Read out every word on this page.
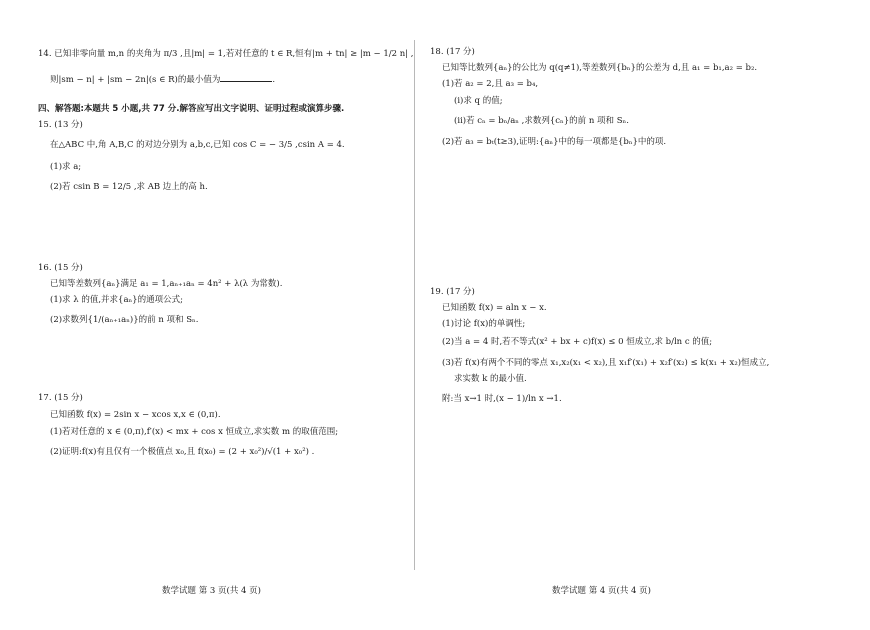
14. 已知非零向量 m,n 的夹角为 π/3 ,且|m| = 1,若对任意的 t ∈ R,恒有|m + tn| ≥ |m − 1/2 n| ,
则|sm − n| + |sm − 2n|(s ∈ R)的最小值为	.
四、解答题:本题共 5 小题,共 77 分.解答应写出文字说明、证明过程或演算步骤.
15. (13 分)
在△ABC 中,角 A,B,C 的对边分别为 a,b,c,已知 cos C = − 3/5 ,csin A = 4.
(1)求 a;
(2)若 csin B = 12/5 ,求 AB 边上的高 h.
16. (15 分)
已知等差数列{aₙ}满足 a₁ = 1,aₙ₊₁aₙ = 4n² + λ(λ 为常数).
(1)求 λ 的值,并求{aₙ}的通项公式;
(2)求数列{1/(aₙ₊₁aₙ)}的前 n 项和 Sₙ.
17. (15 分)
已知函数 f(x) = 2sin x − xcos x,x ∈ (0,π).
(1)若对任意的 x ∈ (0,π),f′(x) < mx + cos x 恒成立,求实数 m 的取值范围;
(2)证明:f(x)有且仅有一个极值点 x₀,且 f(x₀) = (2 + x₀²)/√(1 + x₀²) .
数学试题 第 3 页(共 4 页)
18. (17 分)
已知等比数列{aₙ}的公比为 q(q≠1),等差数列{bₙ}的公差为 d,且 a₁ = b₁,a₂ = b₂.
(1)若 a₂ = 2,且 a₃ = b₄,
(ⅰ)求 q 的值;
(ⅱ)若 cₙ = bₙ/aₙ ,求数列{cₙ}的前 n 项和 Sₙ.
(2)若 a₃ = bₜ(t≥3),证明:{aₙ}中的每一项都是{bₙ}中的项.
19. (17 分)
已知函数 f(x) = aln x − x.
(1)讨论 f(x)的单调性;
(2)当 a = 4 时,若不等式(x² + bx + c)f(x) ≤ 0 恒成立,求 b/ln c 的值;
(3)若 f(x)有两个不同的零点 x₁,x₂(x₁ < x₂),且 x₁f′(x₁) + x₂f′(x₂) ≤ k(x₁ + x₂)恒成立,
求实数 k 的最小值.
附:当 x→1 时,(x − 1)/ln x →1.
数学试题 第 4 页(共 4 页)
